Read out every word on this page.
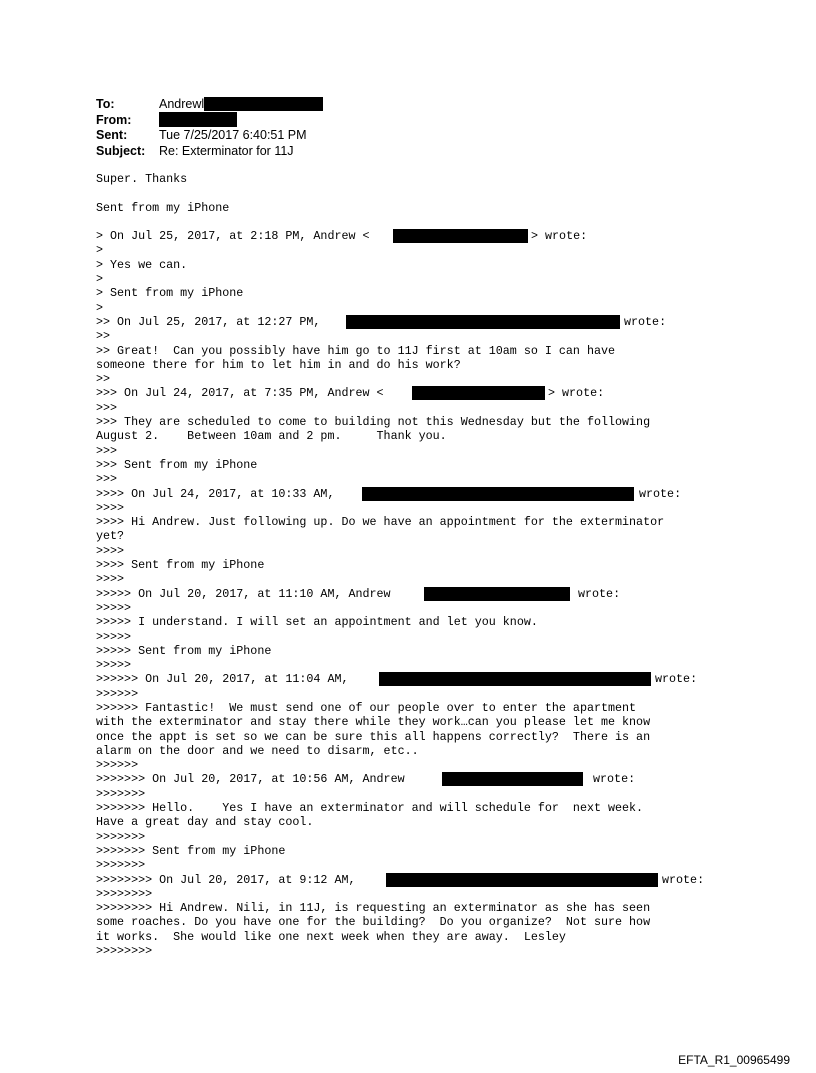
To:	Andrewl
From:
Sent:	Tue 7/25/2017 6:40:51 PM
Subject: Re: Exterminator for 11J
Super. Thanks
Sent from my iPhone
> On Jul 25, 2017, at 2:18 PM, Andrew <	> wrote:
>
> Yes we can.
>
> Sent from my iPhone
>
>> On Jul 25, 2017, at 12:27 PM,	wrote:
>>
>> Great!  Can you possibly have him go to 11J first at 10am so I can have
someone there for him to let him in and do his work?
>>
>>> On Jul 24, 2017, at 7:35 PM, Andrew <	> wrote:
>>>
>>> They are scheduled to come to building not this Wednesday but the following
August 2.    Between 10am and 2 pm.     Thank you.
>>>
>>> Sent from my iPhone
>>>
>>>> On Jul 24, 2017, at 10:33 AM,	wrote:
>>>>
>>>> Hi Andrew. Just following up. Do we have an appointment for the exterminator
yet?
>>>>
>>>> Sent from my iPhone
>>>>
>>>>> On Jul 20, 2017, at 11:10 AM, Andrew	wrote:
>>>>>
>>>>> I understand. I will set an appointment and let you know.
>>>>>
>>>>> Sent from my iPhone
>>>>>
>>>>>> On Jul 20, 2017, at 11:04 AM,	wrote:
>>>>>>
>>>>>> Fantastic!  We must send one of our people over to enter the apartment
with the exterminator and stay there while they work…can you please let me know
once the appt is set so we can be sure this all happens correctly?  There is an
alarm on the door and we need to disarm, etc..
>>>>>>
>>>>>>> On Jul 20, 2017, at 10:56 AM, Andrew	wrote:
>>>>>>>
>>>>>>> Hello.    Yes I have an exterminator and will schedule for  next week.
Have a great day and stay cool.
>>>>>>>
>>>>>>> Sent from my iPhone
>>>>>>>
>>>>>>>> On Jul 20, 2017, at 9:12 AM,	wrote:
>>>>>>>>
>>>>>>>> Hi Andrew. Nili, in 11J, is requesting an exterminator as she has seen
some roaches. Do you have one for the building?  Do you organize?  Not sure how
it works.  She would like one next week when they are away.  Lesley
>>>>>>>>
EFTA_R1_00965499
